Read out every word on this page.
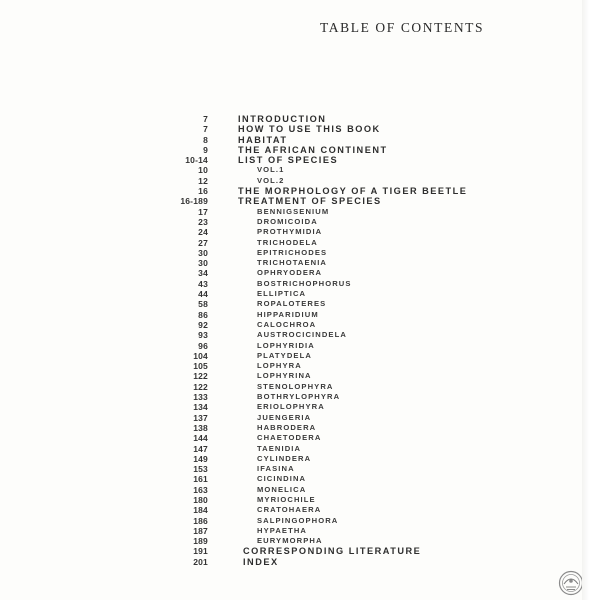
TABLE OF CONTENTS
7	INTRODUCTION
7	HOW TO USE THIS BOOK
8	HABITAT
9	THE AFRICAN CONTINENT
10-14	LIST OF SPECIES
10	VOL.1
12	VOL.2
16	THE MORPHOLOGY OF A TIGER BEETLE
16-189	TREATMENT OF SPECIES
17	BENNIGSENIUM
23	DROMICOIDA
24	PROTHYMIDIA
27	TRICHODELA
30	EPITRICHODES
30	TRICHOTAENIA
34	OPHRYODERA
43	BOSTRICHOPHORUS
44	ELLIPTICA
58	ROPALOTERES
86	HIPPARIDIUM
92	CALOCHROA
93	AUSTROCICINDELA
96	LOPHYRIDIA
104	PLATYDELA
105	LOPHYRA
122	LOPHYRINA
122	STENOLOPHYRA
133	BOTHRYLOPHYRA
134	ERIOLOPHYRA
137	JUENGERIA
138	HABRODERA
144	CHAETODERA
147	TAENIDIA
149	CYLINDERA
153	IFASINA
161	CICINDINA
163	MONELICA
180	MYRIOCHILE
184	CRATOHAERA
186	SALPINGOPHORA
187	HYPAETHA
189	EURYMORPHA
191	CORRESPONDING LITERATURE
201	INDEX
